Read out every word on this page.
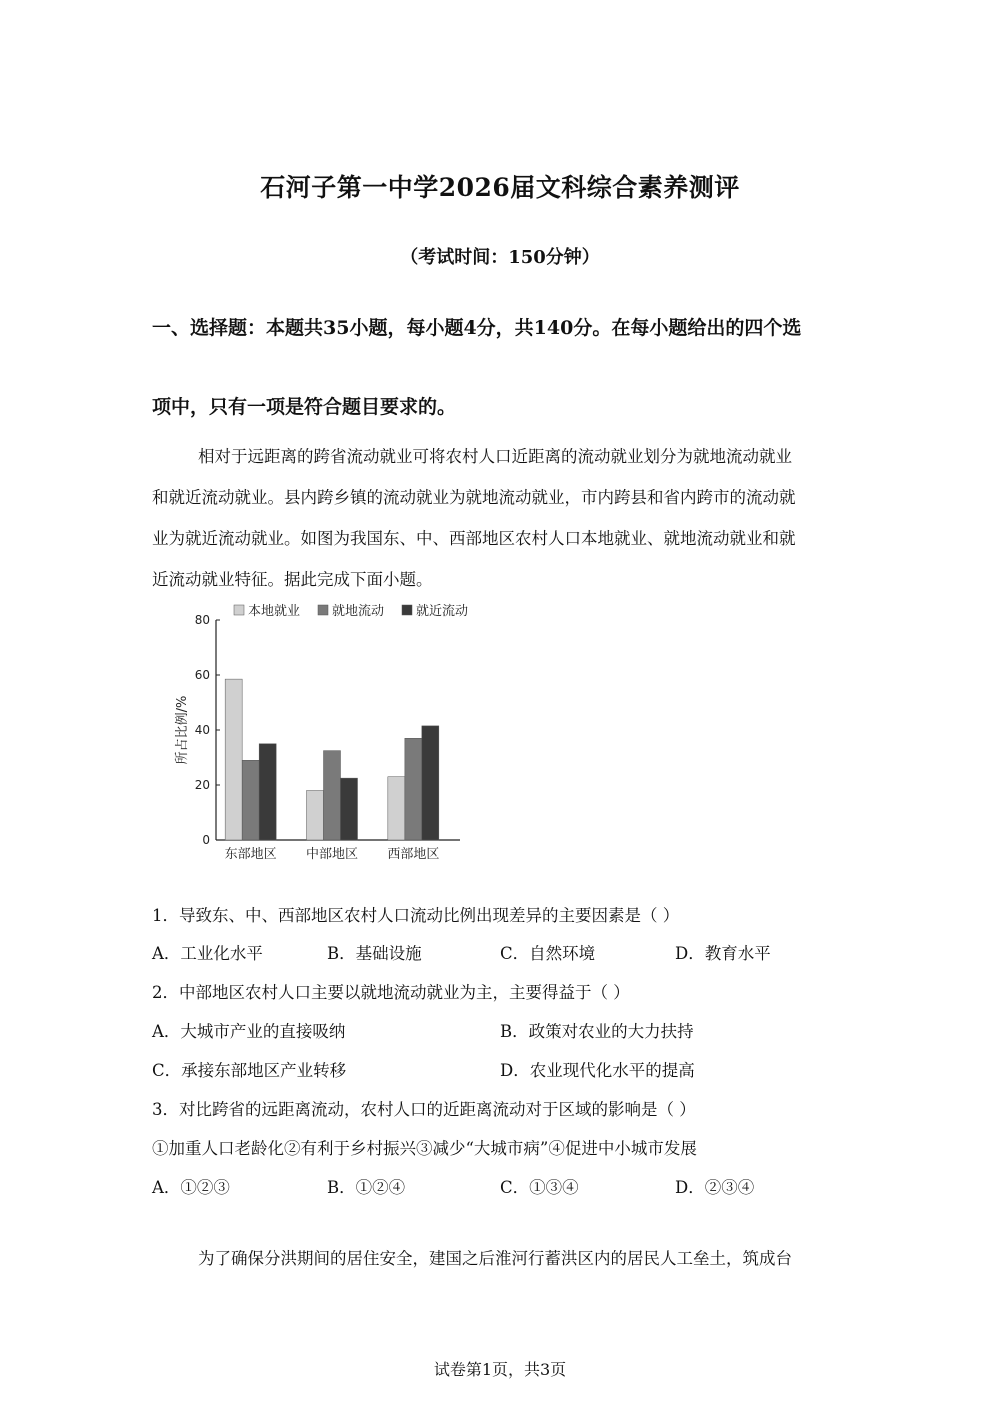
石河子第一中学2026届文科综合素养测评
（考试时间：150分钟）
一、选择题：本题共35小题，每小题4分，共140分。在每小题给出的四个选
项中，只有一项是符合题目要求的。
相对于远距离的跨省流动就业可将农村人口近距离的流动就业划分为就地流动就业
和就近流动就业。县内跨乡镇的流动就业为就地流动就业，市内跨县和省内跨市的流动就
业为就近流动就业。如图为我国东、中、西部地区农村人口本地就业、就地流动就业和就
近流动就业特征。据此完成下面小题。
本地就业 就地流动 就近流动
0
20
40
60
80
所占比例/%
东部地区 中部地区 西部地区
1．导致东、中、西部地区农村人口流动比例出现差异的主要因素是（ ）
A．工业化水平	B．基础设施	C．自然环境	D．教育水平
2．中部地区农村人口主要以就地流动就业为主，主要得益于（ ）
A．大城市产业的直接吸纳	B．政策对农业的大力扶持
C．承接东部地区产业转移	D．农业现代化水平的提高
3．对比跨省的远距离流动，农村人口的近距离流动对于区域的影响是（ ）
①加重人口老龄化②有利于乡村振兴③减少“大城市病”④促进中小城市发展
A．①②③	B．①②④	C．①③④	D．②③④
为了确保分洪期间的居住安全，建国之后淮河行蓄洪区内的居民人工垒土，筑成台
试卷第1页，共3页
